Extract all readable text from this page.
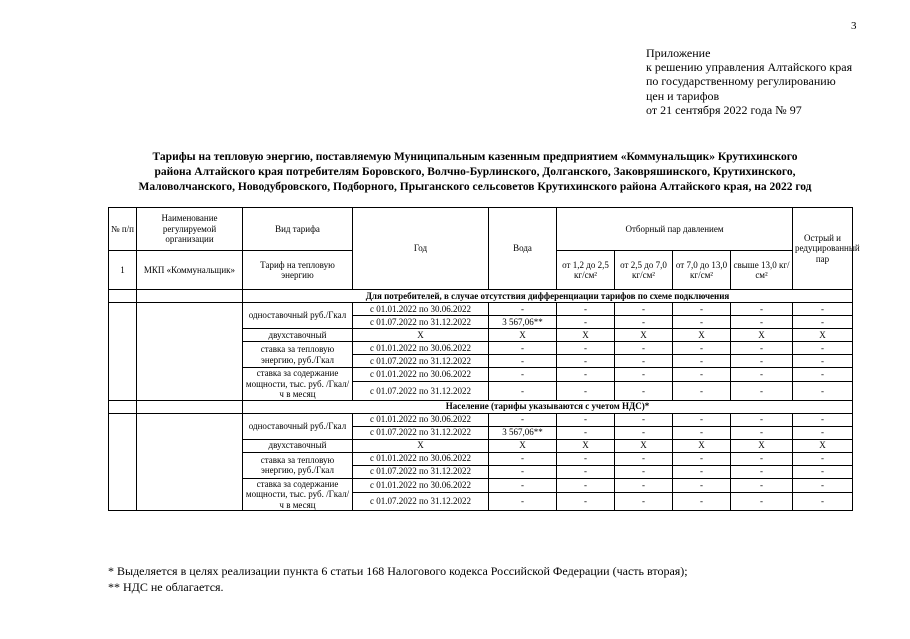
3
Приложение
к решению управления Алтайского края
по государственному регулированию
цен и тарифов
от 21 сентября 2022 года № 97
Тарифы на тепловую энергию, поставляемую Муниципальным казенным предприятием «Коммунальщик» Крутихинского
района Алтайского края потребителям Боровского, Волчно-Бурлинского, Долганского, Заковряшинского, Крутихинского,
Маловолчанского, Новодубровского, Подборного, Прыганского сельсоветов Крутихинского района Алтайского края, на 2022 год
№ п/п	Наименование регулируемой организации	Вид тарифа	Год	Вода	Отборный пар давлением				Острый и редуцированный пар
1	МКП «Коммунальщик»	Тариф на тепловую энергию			от 1,2 до 2,5 кг/см²	от 2,5 до 7,0 кг/см²	от 7,0 до 13,0 кг/см²	свыше 13,0 кг/см²	
		Для потребителей, в случае отсутствия дифференциации тарифов по схеме подключения							
		одноставочный руб./Гкал	с 01.01.2022 по 30.06.2022	-	-	-	-	-	-
			с 01.07.2022 по 31.12.2022	3 567,06**	-	-	-	-	-
		двухставочный	Х	Х	Х	Х	Х	Х	Х
		ставка за тепловую энергию, руб./Гкал	с 01.01.2022 по 30.06.2022	-	-	-	-	-	-
			с 01.07.2022 по 31.12.2022	-	-	-	-	-	-
		ставка за содержание мощности, тыс. руб. /Гкал/ч в месяц	с 01.01.2022 по 30.06.2022	-	-	-	-	-	-
			с 01.07.2022 по 31.12.2022	-	-	-	-	-	-
		Население (тарифы указываются с учетом НДС)*							
		одноставочный руб./Гкал	с 01.01.2022 по 30.06.2022	-	-	-	-	-	-
			с 01.07.2022 по 31.12.2022	3 567,06**	-	-	-	-	-
		двухставочный	Х	Х	Х	Х	Х	Х	Х
		ставка за тепловую энергию, руб./Гкал	с 01.01.2022 по 30.06.2022	-	-	-	-	-	-
			с 01.07.2022 по 31.12.2022	-	-	-	-	-	-
		ставка за содержание мощности, тыс. руб. /Гкал/ч в месяц	с 01.01.2022 по 30.06.2022	-	-	-	-	-	-
			с 01.07.2022 по 31.12.2022	-	-	-	-	-	-
* Выделяется в целях реализации пункта 6 статьи 168 Налогового кодекса Российской Федерации (часть вторая);
** НДС не облагается.
